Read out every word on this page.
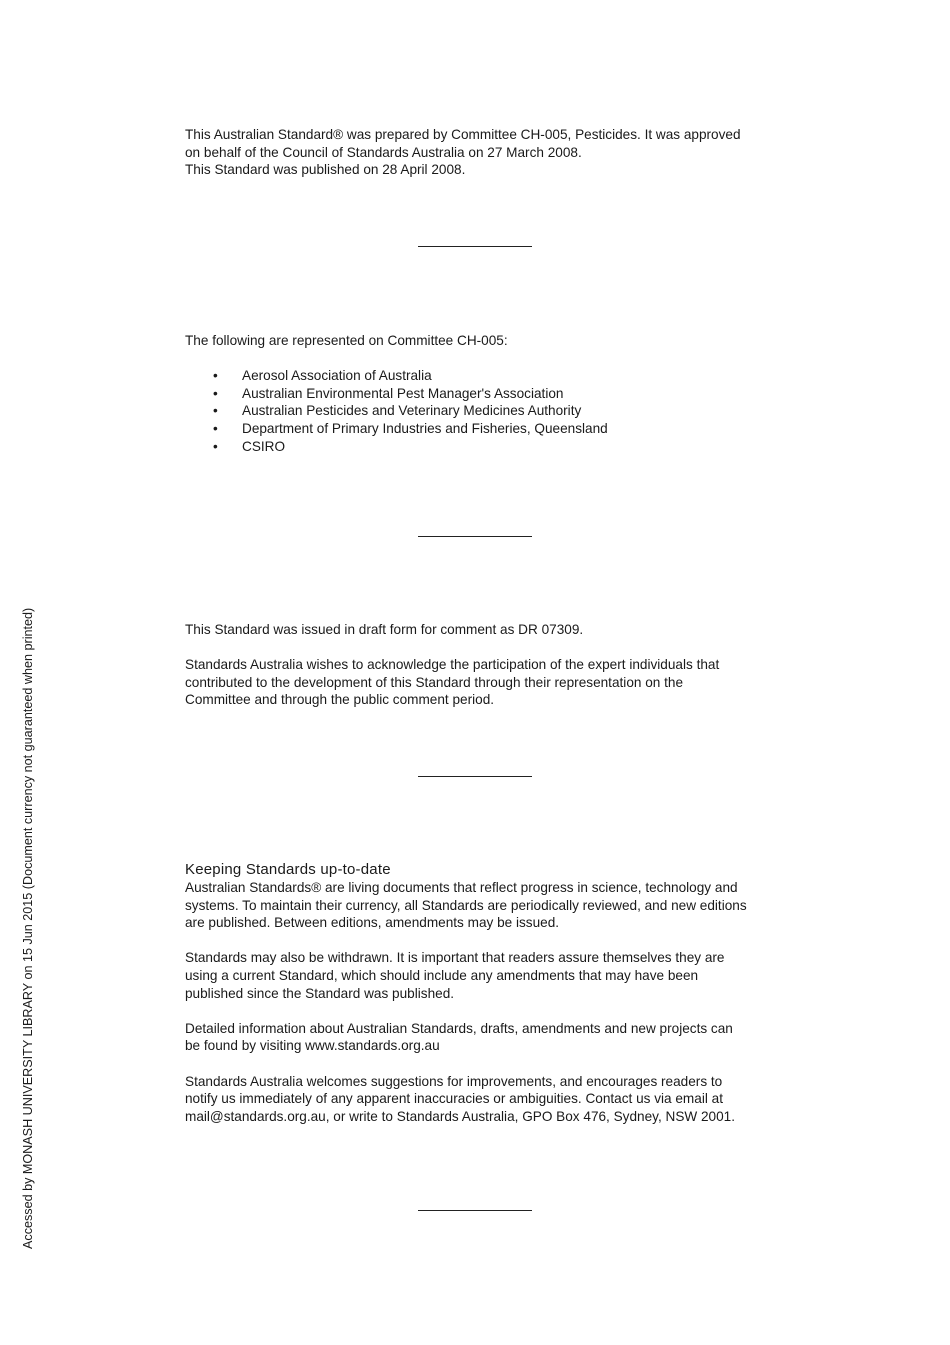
This Australian Standard® was prepared by Committee CH-005, Pesticides. It was approved

on behalf of the Council of Standards Australia on 27 March 2008.

This Standard was published on 28 April 2008.

The following are represented on Committee CH-005:

• Aerosol Association of Australia
• Australian Environmental Pest Manager's Association
• Australian Pesticides and Veterinary Medicines Authority
• Department of Primary Industries and Fisheries, Queensland
• CSIRO

This Standard was issued in draft form for comment as DR 07309.

Standards Australia wishes to acknowledge the participation of the expert individuals that

contributed to the development of this Standard through their representation on the

Committee and through the public comment period.

Keeping Standards up-to-date

Australian Standards® are living documents that reflect progress in science, technology and

systems. To maintain their currency, all Standards are periodically reviewed, and new editions

are published. Between editions, amendments may be issued.

Standards may also be withdrawn. It is important that readers assure themselves they are

using a current Standard, which should include any amendments that may have been

published since the Standard was published.

Detailed information about Australian Standards, drafts, amendments and new projects can

be found by visiting www.standards.org.au

Standards Australia welcomes suggestions for improvements, and encourages readers to

notify us immediately of any apparent inaccuracies or ambiguities. Contact us via email at

mail@standards.org.au, or write to Standards Australia, GPO Box 476, Sydney, NSW 2001.

Accessed by MONASH UNIVERSITY LIBRARY on 15 Jun 2015 (Document currency not guaranteed when printed)
